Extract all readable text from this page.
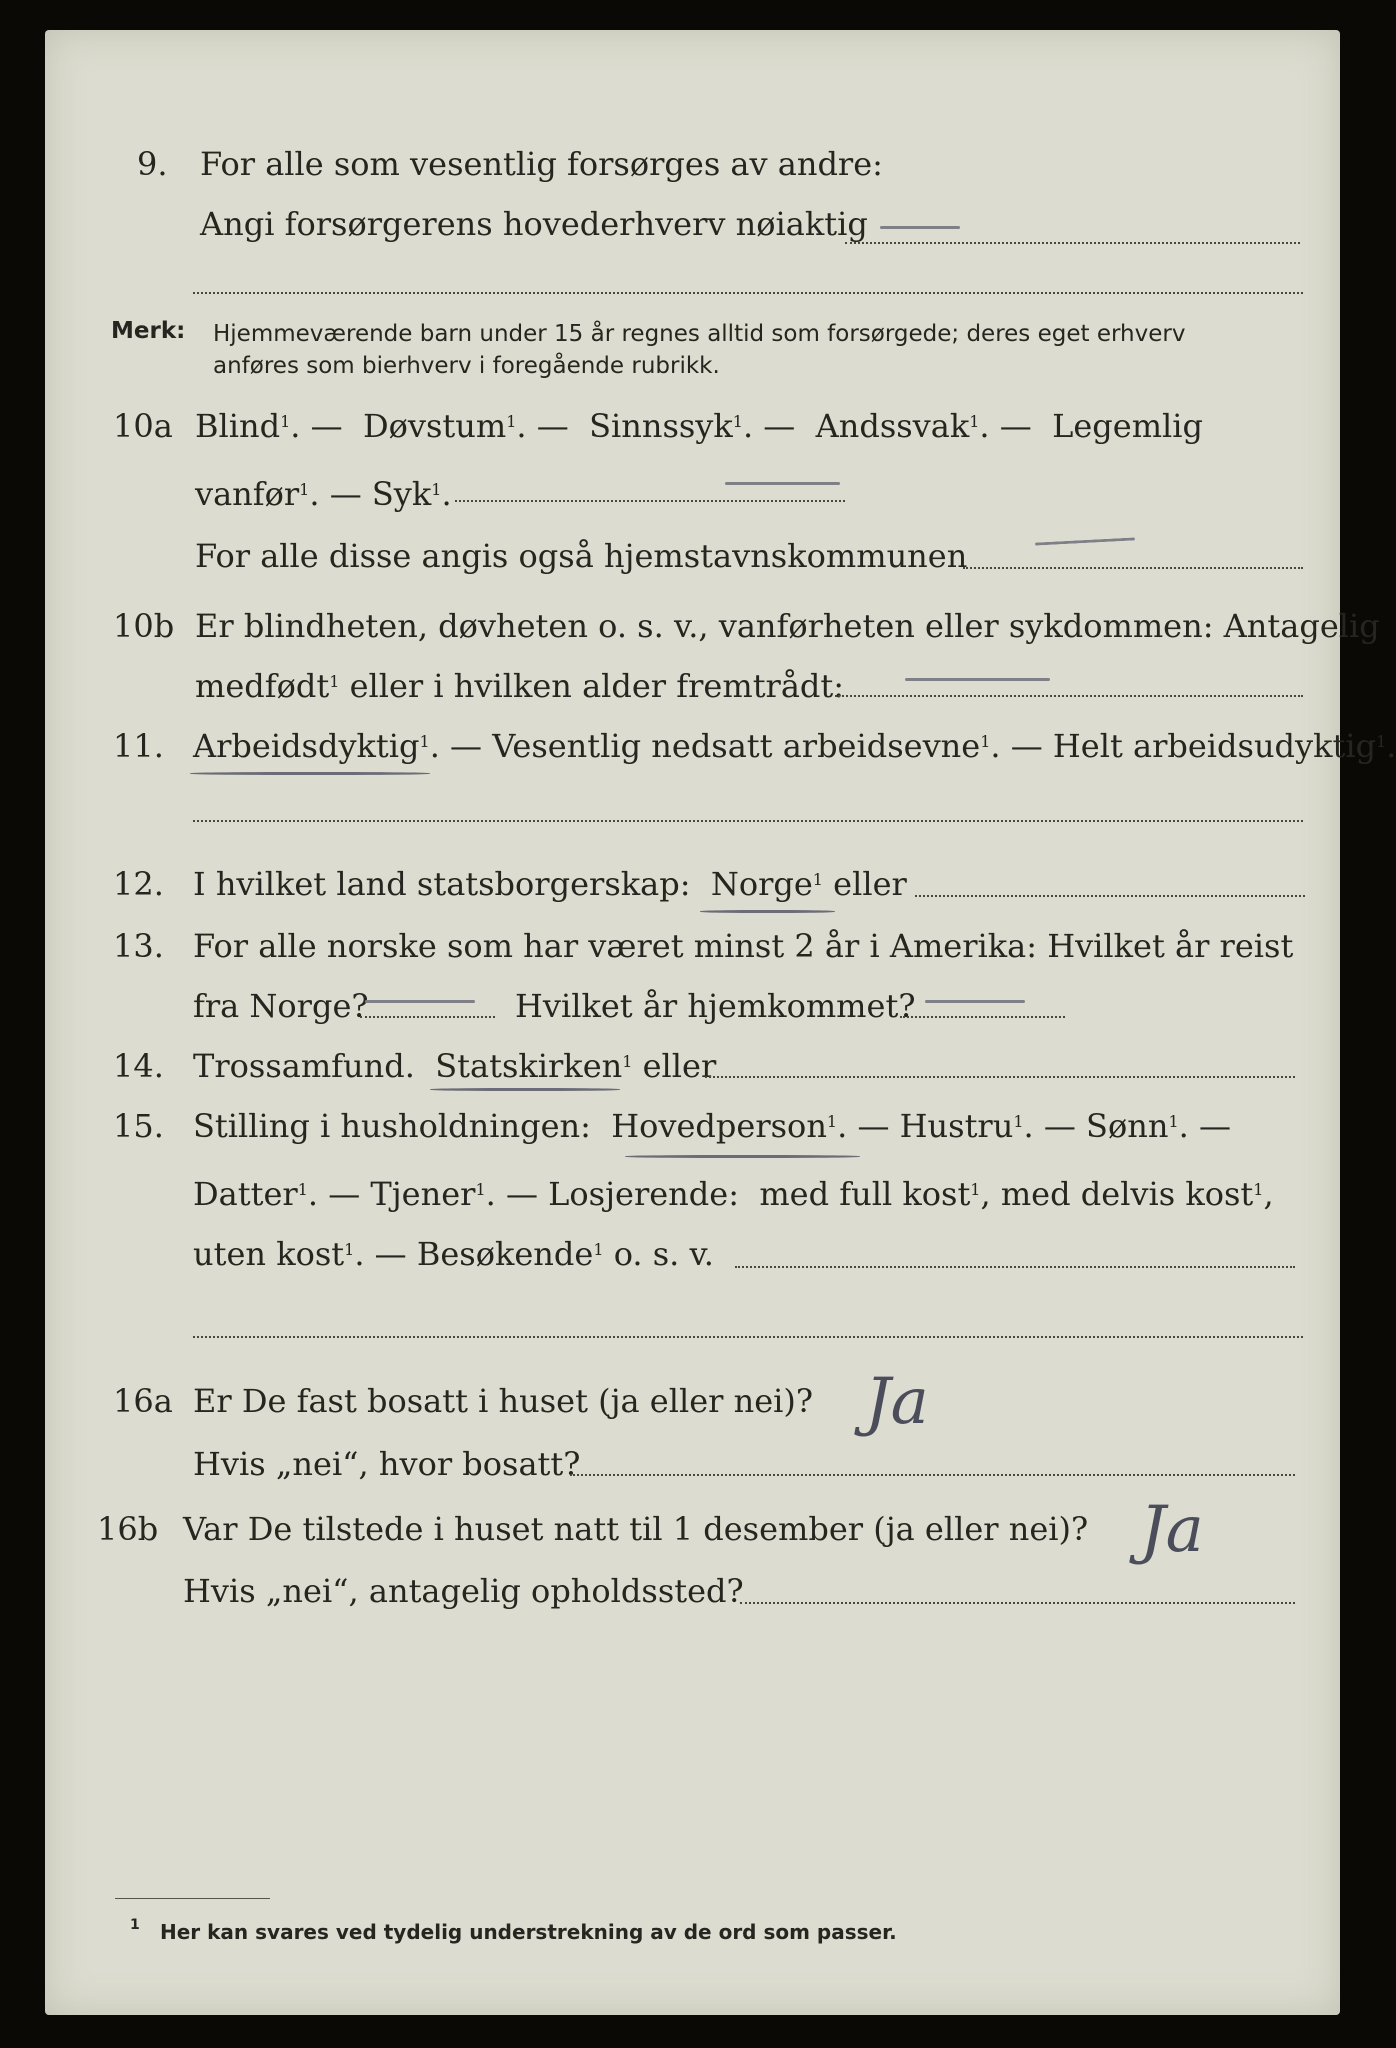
9. For alle som vesentlig forsørges av andre:
Angi forsørgerens hovederhverv nøiaktig
Merk: Hjemmeværende barn under 15 år regnes alltid som forsørgede; deres eget erhverv
anføres som bierhverv i foregående rubrikk.
10a Blind$^1$. —  Døvstum$^1$. —  Sinnssyk$^1$. —  Andssvak$^1$. —  Legemlig
vanfør$^1$. — Syk$^1$.
For alle disse angis også hjemstavnskommunen
10b Er blindheten, døvheten o. s. v., vanførheten eller sykdommen: Antagelig
medfødt$^1$ eller i hvilken alder fremtrådt:
11. Arbeidsdyktig$^1$. — Vesentlig nedsatt arbeidsevne$^1$. — Helt arbeidsudyktig$^1$.
12. I hvilket land statsborgerskap: Norge$^1$ eller
13. For alle norske som har været minst 2 år i Amerika: Hvilket år reist
fra Norge?	Hvilket år hjemkommet?
14. Trossamfund. Statskirken$^1$ eller
15. Stilling i husholdningen: Hovedperson$^1$. — Hustru$^1$. — Sønn$^1$. —
Datter$^1$. — Tjener$^1$. — Losjerende: med full kost$^1$, med delvis kost$^1$,
uten kost$^1$. — Besøkende$^1$ o. s. v.
16a Er De fast bosatt i huset (ja eller nei)? Ja
Hvis „nei“, hvor bosatt?
16b Var De tilstede i huset natt til 1 desember (ja eller nei)? Ja
Hvis „nei“, antagelig opholdssted?
1 Her kan svares ved tydelig understrekning av de ord som passer.
